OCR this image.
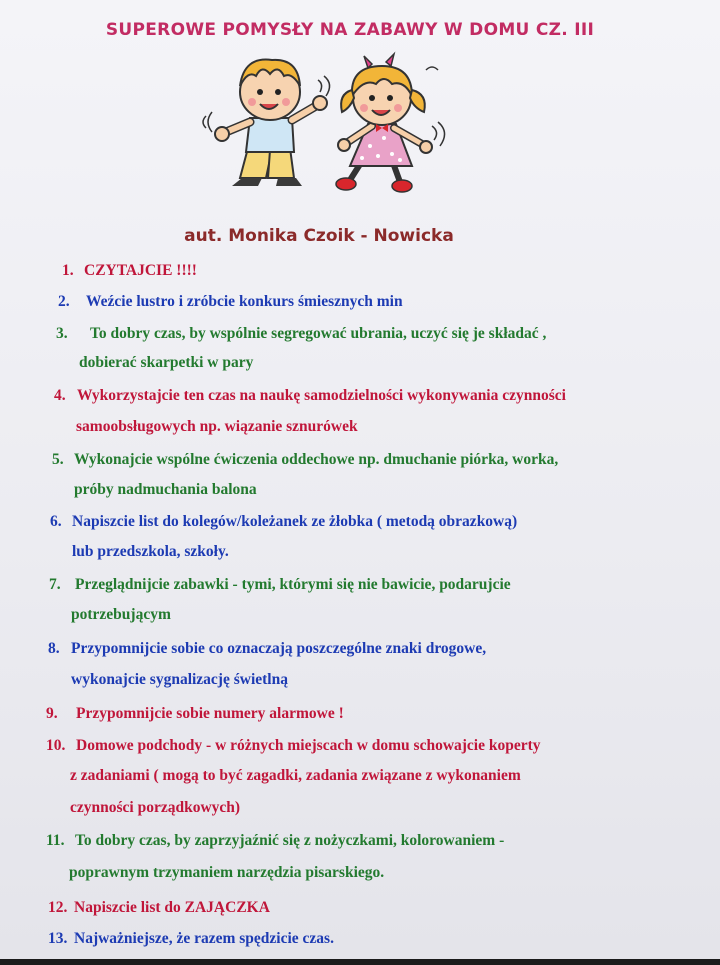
SUPEROWE POMYSŁY NA ZABAWY W DOMU CZ. III
aut. Monika Czoik - Nowicka
1. CZYTAJCIE !!!!
2. Weźcie lustro i zróbcie konkurs śmiesznych min
3. To dobry czas, by wspólnie segregować ubrania, uczyć się je składać ,
dobierać skarpetki w pary
4. Wykorzystajcie ten czas na naukę samodzielności wykonywania czynności
samoobsługowych np. wiązanie sznurówek
5. Wykonajcie wspólne ćwiczenia oddechowe np. dmuchanie piórka, worka,
próby nadmuchania balona
6. Napiszcie list do kolegów/koleżanek ze żłobka ( metodą obrazkową)
lub przedszkola, szkoły.
7. Przeglądnijcie zabawki - tymi, którymi się nie bawicie, podarujcie
potrzebującym
8. Przypomnijcie sobie co oznaczają poszczególne znaki drogowe,
wykonajcie sygnalizację świetlną
9. Przypomnijcie sobie numery alarmowe !
10. Domowe podchody - w różnych miejscach w domu schowajcie koperty
z zadaniami ( mogą to być zagadki, zadania związane z wykonaniem
czynności porządkowych)
11. To dobry czas, by zaprzyjaźnić się z nożyczkami, kolorowaniem -
poprawnym trzymaniem narzędzia pisarskiego.
12. Napiszcie list do ZAJĄCZKA
13. Najważniejsze, że razem spędzicie czas.
